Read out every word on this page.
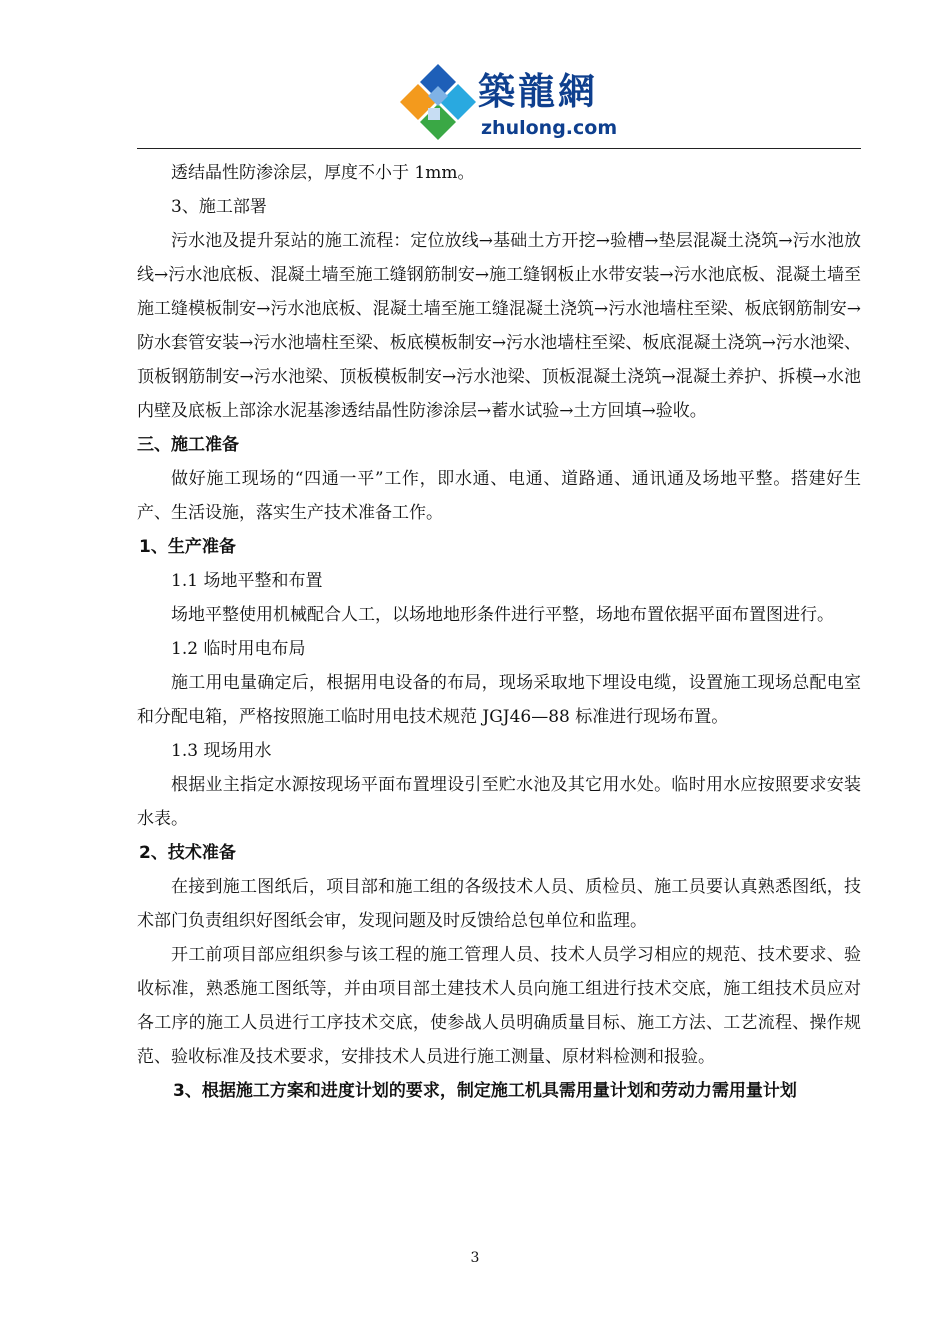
築龍網
zhulong.com

透结晶性防渗涂层，厚度不小于 1mm。

3、施工部署

污水池及提升泵站的施工流程：定位放线→基础土方开挖→验槽→垫层混凝土浇筑→污水池放线→污水池底板、混凝土墙至施工缝钢筋制安→施工缝钢板止水带安装→污水池底板、混凝土墙至施工缝模板制安→污水池底板、混凝土墙至施工缝混凝土浇筑→污水池墙柱至梁、板底钢筋制安→防水套管安装→污水池墙柱至梁、板底模板制安→污水池墙柱至梁、板底混凝土浇筑→污水池梁、顶板钢筋制安→污水池梁、顶板模板制安→污水池梁、顶板混凝土浇筑→混凝土养护、拆模→水池内壁及底板上部涂水泥基渗透结晶性防渗涂层→蓄水试验→土方回填→验收。

三、施工准备

做好施工现场的“四通一平”工作，即水通、电通、道路通、通讯通及场地平整。搭建好生产、生活设施，落实生产技术准备工作。

1、生产准备

1.1 场地平整和布置

场地平整使用机械配合人工，以场地地形条件进行平整，场地布置依据平面布置图进行。

1.2 临时用电布局

施工用电量确定后，根据用电设备的布局，现场采取地下埋设电缆，设置施工现场总配电室和分配电箱，严格按照施工临时用电技术规范 JGJ46—88 标准进行现场布置。

1.3 现场用水

根据业主指定水源按现场平面布置埋设引至贮水池及其它用水处。临时用水应按照要求安装水表。

2、技术准备

在接到施工图纸后，项目部和施工组的各级技术人员、质检员、施工员要认真熟悉图纸，技术部门负责组织好图纸会审，发现问题及时反馈给总包单位和监理。

开工前项目部应组织参与该工程的施工管理人员、技术人员学习相应的规范、技术要求、验收标准，熟悉施工图纸等，并由项目部土建技术人员向施工组进行技术交底，施工组技术员应对各工序的施工人员进行工序技术交底，使参战人员明确质量目标、施工方法、工艺流程、操作规范、验收标准及技术要求，安排技术人员进行施工测量、原材料检测和报验。

3、根据施工方案和进度计划的要求，制定施工机具需用量计划和劳动力需用量计划

3
